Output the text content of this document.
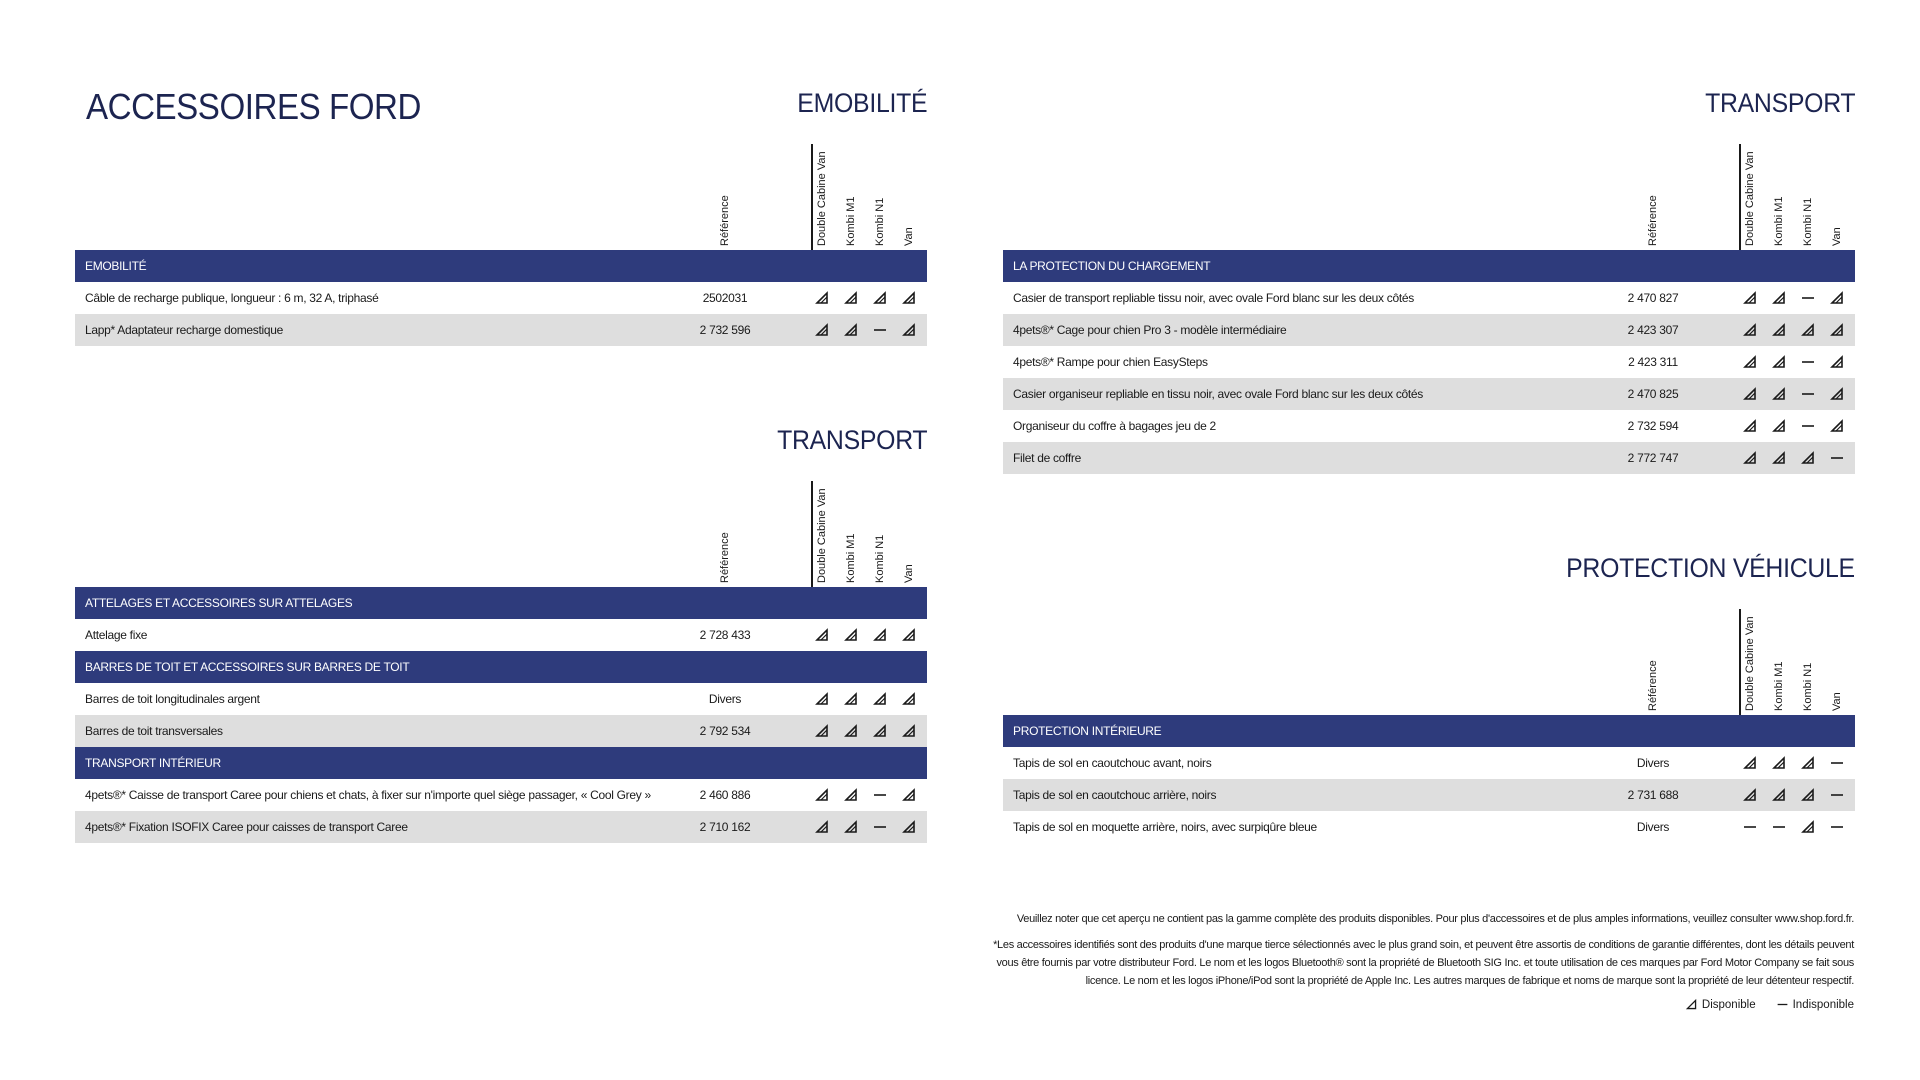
ACCESSOIRES FORD	EMOBILITÉ
Référence	Double Cabine Van Kombi M1 Kombi N1 Van
EMOBILITÉ
Câble de recharge publique, longueur : 6 m, 32 A, triphasé	2502031
Lapp* Adaptateur recharge domestique	2 732 596
TRANSPORT
Référence	Double Cabine Van Kombi M1 Kombi N1 Van
ATTELAGES ET ACCESSOIRES SUR ATTELAGES
Attelage fixe	2 728 433
BARRES DE TOIT ET ACCESSOIRES SUR BARRES DE TOIT
Barres de toit longitudinales argent	Divers
Barres de toit transversales	2 792 534
TRANSPORT INTÉRIEUR
4pets®* Caisse de transport Caree pour chiens et chats, à fixer sur n'importe quel siège passager, « Cool Grey »	2 460 886
4pets®* Fixation ISOFIX Caree pour caisses de transport Caree	2 710 162
TRANSPORT
Référence	Double Cabine Van Kombi M1 Kombi N1 Van
LA PROTECTION DU CHARGEMENT
Casier de transport repliable tissu noir, avec ovale Ford blanc sur les deux côtés	2 470 827
4pets®* Cage pour chien Pro 3 - modèle intermédiaire	2 423 307
4pets®* Rampe pour chien EasySteps	2 423 311
Casier organiseur repliable en tissu noir, avec ovale Ford blanc sur les deux côtés	2 470 825
Organiseur du coffre à bagages jeu de 2	2 732 594
Filet de coffre	2 772 747
PROTECTION VÉHICULE
Référence	Double Cabine Van Kombi M1 Kombi N1 Van
PROTECTION INTÉRIEURE
Tapis de sol en caoutchouc avant, noirs	Divers
Tapis de sol en caoutchouc arrière, noirs	2 731 688
Tapis de sol en moquette arrière, noirs, avec surpiqûre bleue	Divers
Veuillez noter que cet aperçu ne contient pas la gamme complète des produits disponibles. Pour plus d'accessoires et de plus amples informations, veuillez consulter www.shop.ford.fr.
*Les accessoires identifiés sont des produits d'une marque tierce sélectionnés avec le plus grand soin, et peuvent être assortis de conditions de garantie différentes, dont les détails peuvent
vous être fournis par votre distributeur Ford. Le nom et les logos Bluetooth® sont la propriété de Bluetooth SIG Inc. et toute utilisation de ces marques par Ford Motor Company se fait sous
licence. Le nom et les logos iPhone/iPod sont la propriété de Apple Inc. Les autres marques de fabrique et noms de marque sont la propriété de leur détenteur respectif.
Disponible	Indisponible
